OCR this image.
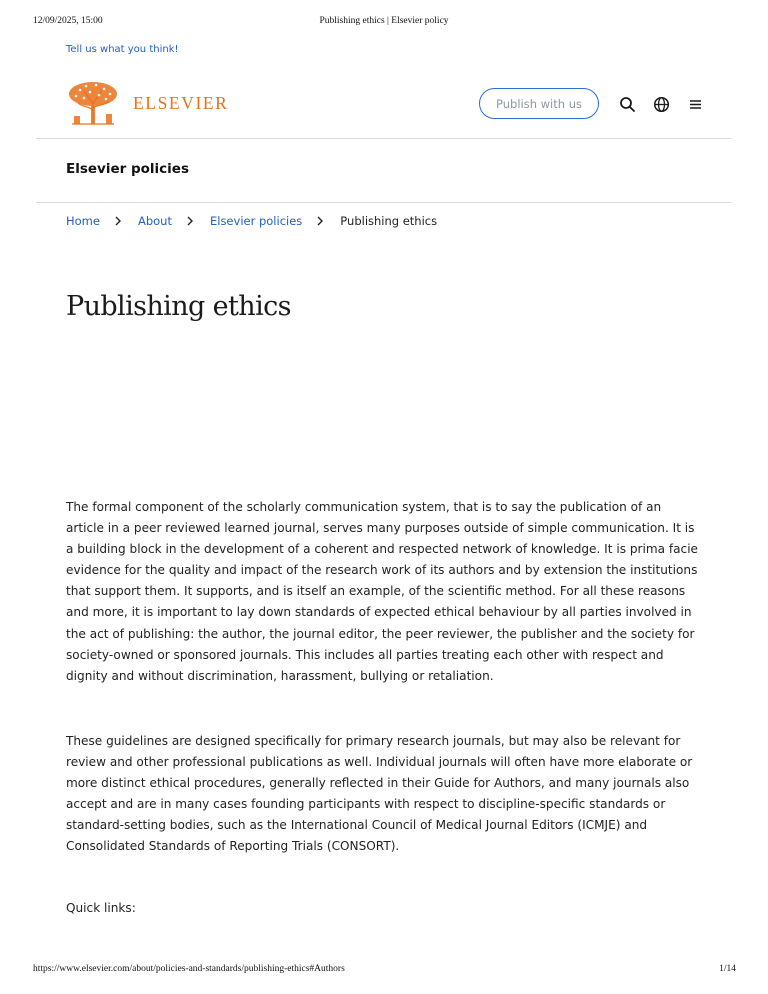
12/09/2025, 15:00	Publishing ethics | Elsevier policy
Tell us what you think!
ELSEVIER	Publish with us
Elsevier policies
Home	About	Elsevier policies	Publishing ethics
Publishing ethics

The formal component of the scholarly communication system, that is to say the publication of an article in a peer reviewed learned journal, serves many purposes outside of simple communication. It is a building block in the development of a coherent and respected network of knowledge. It is prima facie evidence for the quality and impact of the research work of its authors and by extension the institutions that support them. It supports, and is itself an example, of the scientific method. For all these reasons and more, it is important to lay down standards of expected ethical behaviour by all parties involved in the act of publishing: the author, the journal editor, the peer reviewer, the publisher and the society for society-owned or sponsored journals. This includes all parties treating each other with respect and dignity and without discrimination, harassment, bullying or retaliation.

These guidelines are designed specifically for primary research journals, but may also be relevant for review and other professional publications as well. Individual journals will often have more elaborate or more distinct ethical procedures, generally reflected in their Guide for Authors, and many journals also accept and are in many cases founding participants with respect to discipline-specific standards or standard-setting bodies, such as the International Council of Medical Journal Editors (ICMJE) and Consolidated Standards of Reporting Trials (CONSORT).

Quick links:

https://www.elsevier.com/about/policies-and-standards/publishing-ethics#Authors	1/14
